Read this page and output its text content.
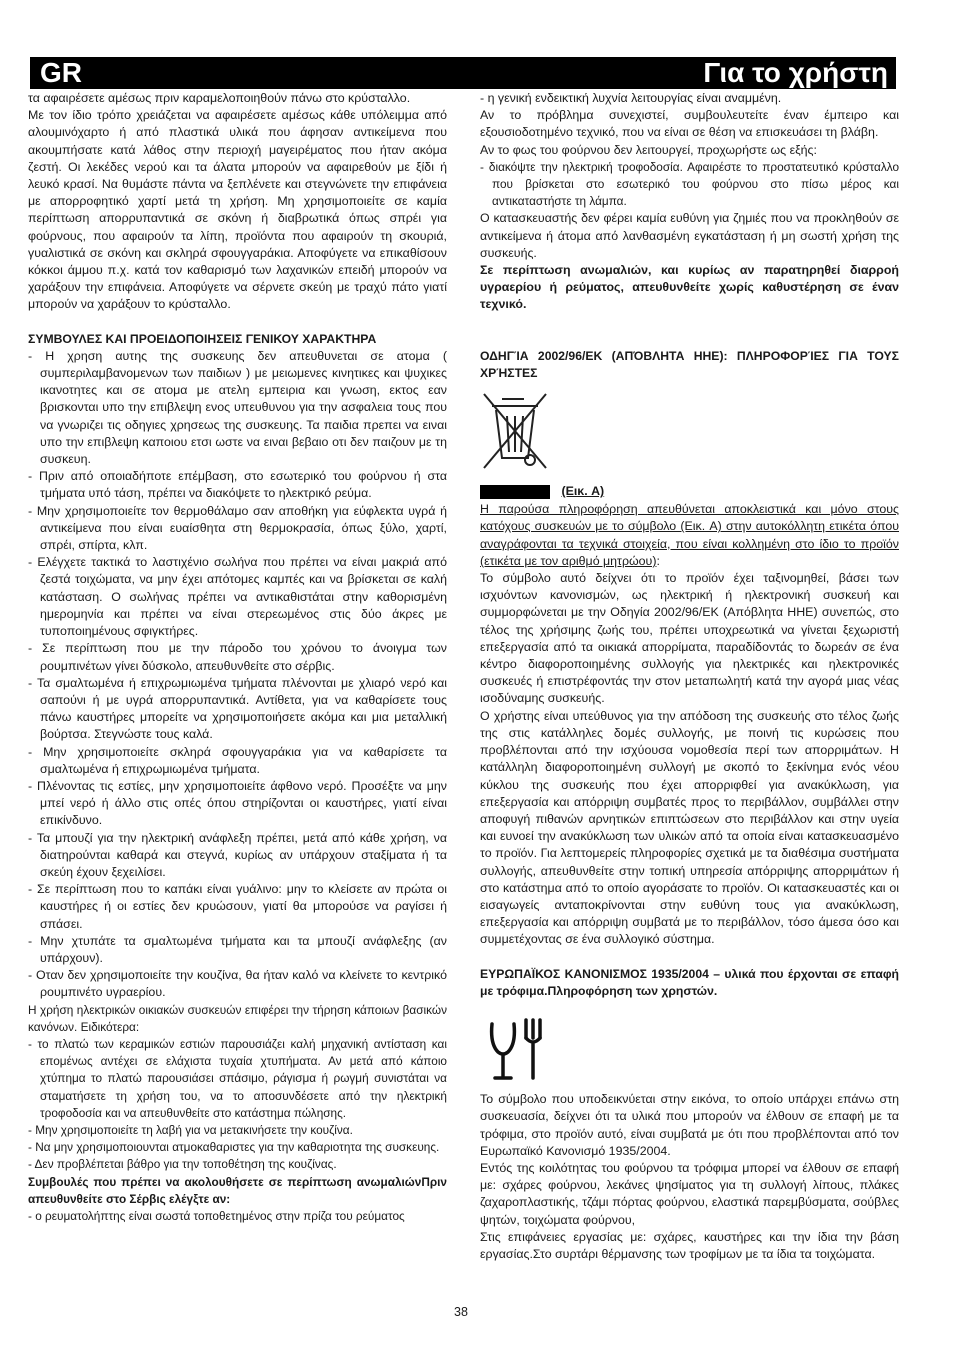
GR	Για το χρήστη

τα αφαιρέσετε αμέσως πριν καραμελοποιηθούν πάνω στο κρύσταλλο.

Με τον ίδιο τρόπο χρειάζεται να αφαιρέσετε αμέσως κάθε υπόλειμμα από αλουμινόχαρτο ή από πλαστικά υλικά που άφησαν αντικείμενα που ακουμπήσατε κατά λάθος στην περιοχή μαγειρέματος που ήταν ακόμα ζεστή. Οι λεκέδες νερού και τα άλατα μπορούν να αφαιρεθούν με ξίδι ή λευκό κρασί. Να θυμάστε πάντα να ξεπλένετε και στεγνώνετε την επιφάνεια με απορροφητικό χαρτί μετά τη χρήση. Μη χρησιμοποιείτε σε καμία περίπτωση απορρυπαντικά σε σκόνη ή διαβρωτικά όπως σπρέι για φούρνους, που αφαιρούν τα λίπη, προϊόντα που αφαιρούν τη σκουριά, γυαλιστικά σε σκόνη και σκληρά σφουγγαράκια. Αποφύγετε να επικαθίσουν κόκκοι άμμου π.χ. κατά τον καθαρισμό των λαχανικών επειδή μπορούν να χαράξουν την επιφάνεια. Αποφύγετε να σέρνετε σκεύη με τραχύ πάτο γιατί μπορούν να χαράξουν το κρύσταλλο.

ΣΥΜΒΟΥΛΕΣ ΚΑΙ ΠΡΟΕΙΔΟΠΟΙΗΣΕΙΣ ΓΕΝΙΚΟΥ ΧΑΡΑΚΤΗΡΑ

- Η χρηση αυτης της συσκευης δεν απευθυνεται σε ατομα ( συμπεριλαμβανομενων των παιδιων ) με μειωμενες κινητικες και ψυχικες ικανοτητες και σε ατομα με ατελη εμπειρια και γνωση, εκτος εαν βρισκονται υπο την επιβλεψη ενος υπευθυνου για την ασφαλεια τους που να γνωριζει τις οδηγιες χρησεως της συσκευης. Τα παιδια πρεπει να ειναι υπο την επιβλεψη καποιου ετσι ωστε να ειναι βεβαιο οτι δεν παιζουν με τη συσκευη.

- Πριν από οποιαδήποτε επέμβαση, στο εσωτερικό του φούρνου ή στα τμήματα υπό τάση, πρέπει να διακόψετε το ηλεκτρικό ρεύμα.

- Μην χρησιμοποιείτε τον θερμοθάλαμο σαν αποθήκη για εύφλεκτα υγρά ή αντικείμενα που είναι ευαίσθητα στη θερμοκρασία, όπως ξύλο, χαρτί, σπρέι, σπίρτα, κλπ.

- Ελέγχετε τακτικά το λαστιχένιο σωλήνα που πρέπει να είναι μακριά από ζεστά τοιχώματα, να μην έχει απότομες καμπές και να βρίσκεται σε καλή κατάσταση. Ο σωλήνας πρέπει να αντικαθιστάται στην καθορισμένη ημερομηνία και πρέπει να είναι στερεωμένος στις δύο άκρες με τυποποιημένους σφιγκτήρες.

- Σε περίπτωση που με την πάροδο του χρόνου το άνοιγμα των ρουμπινέτων γίνει δύσκολο, απευθυνθείτε στο σέρβις.

- Τα σμαλτωμένα ή επιχρωμιωμένα τμήματα πλένονται με χλιαρό νερό και σαπούνι ή με υγρά απορρυπαντικά. Αντίθετα, για να καθαρίσετε τους πάνω καυστήρες μπορείτε να χρησιμοποιήσετε ακόμα και μια μεταλλική βούρτσα. Στεγνώστε τους καλά.

- Μην χρησιμοποιείτε σκληρά σφουγγαράκια για να καθαρίσετε τα σμαλτωμένα ή επιχρωμιωμένα τμήματα.

- Πλένοντας τις εστίες, μην χρησιμοποιείτε άφθονο νερό. Προσέξτε να μην μπεί νερό ή άλλο στις οπές όπου στηρίζονται οι καυστήρες, γιατί είναι επικίνδυνο.

- Τα μπουζί για την ηλεκτρική ανάφλεξη πρέπει, μετά από κάθε χρήση, να διατηρούνται καθαρά και στεγνά, κυρίως αν υπάρχουν σταξίματα ή τα σκεύη έχουν ξεχειλίσει.

- Σε περίπτωση που το καπάκι είναι γυάλινο: μην το κλείσετε αν πρώτα οι καυστήρες ή οι εστίες δεν κρυώσουν, γιατί θα μπορούσε να ραγίσει ή σπάσει.

- Μην χτυπάτε τα σμαλτωμένα τμήματα και τα μπουζί ανάφλεξης (αν υπάρχουν).

- Οταν δεν χρησιμοποιείτε την κουζίνα, θα ήταν καλό να κλείνετε το κεντρικό ρουμπινέτο υγραερίου.

Η χρήση ηλεκτρικών οικιακών συσκευών επιφέρει την τήρηση κάποιων βασικών κανόνων. Ειδικότερα:

- το πλατώ των κεραμικών εστιών παρουσιάζει καλή μηχανική αντίσταση και επομένως αντέχει σε ελάχιστα τυχαία χτυπήματα. Αν μετά από κάποιο χτύπημα το πλατώ παρουσιάσει σπάσιμο, ράγισμα ή ρωγμή συνιστάται να σταματήσετε τη χρήση του, να το αποσυνδέσετε από την ηλεκτρική τροφοδοσία και να απευθυνθείτε στο κατάστημα πώλησης.

- Μην χρησιμοποιείτε τη λαβή για να μετακινήσετε την κουζίνα.

- Να μην χρησιμοποιουνται ατμοκαθαριστες για την καθαριοτητα της συσκευης.

- Δεν προβλέπεται βάθρο για την τοποθέτηση της κουζίνας.

Συμβουλές που πρέπει να ακολουθήσετε σε περίπτωση ανωμαλιώνΠριν απευθυνθείτε στο Σέρβις ελέγξτε αν:

- ο ρευματολήπτης είναι σωστά τοποθετημένος στην πρίζα του ρεύματος

- η γενική ενδεικτική λυχνία λειτουργίας είναι αναμμένη.

Αν το πρόβλημα συνεχιστεί, συμβουλευτείτε έναν έμπειρο και εξουσιοδοτημένο τεχνικό, που να είναι σε θέση να επισκευάσει τη βλάβη.

Αν το φως του φούρνου δεν λειτουργεί, προχωρήστε ως εξής:

- διακόψτε την ηλεκτρική τροφοδοσία. Αφαιρέστε το προστατευτικό κρύσταλλο που βρίσκεται στο εσωτερικό του φούρνου στο πίσω μέρος και αντικαταστήστε τη λάμπα.

Ο κατασκευαστής δεν φέρει καμία ευθύνη για ζημιές που να προκληθούν σε αντικείμενα ή άτομα από λανθασμένη εγκατάσταση ή μη σωστή χρήση της συσκευής.

Σε περίπτωση ανωμαλιών, και κυρίως αν παρατηρηθεί διαρροή υγραερίου ή ρεύματος, απευθυνθείτε χωρίς καθυστέρηση σε έναν τεχνικό.

ΟΔΗΓΊΑ 2002/96/ΕΚ (ΑΠΌΒΛΗΤΑ ΗΗΕ): ΠΛΗΡΟΦΟΡΊΕΣ ΓΙΑ ΤΟΥΣ ΧΡΉΣΤΕΣ

(Εικ. A)

Η παρούσα πληροφόρηση απευθύνεται αποκλειστικά και μόνο στους κατόχους συσκευών με το σύμβολο (Εικ. A) στην αυτοκόλλητη ετικέτα όπου αναγράφονται τα τεχνικά στοιχεία, που είναι κολλημένη στο ίδιο το προϊόν (ετικέτα με τον αριθμό μητρώου):

Το σύμβολο αυτό δείχνει ότι το προϊόν έχει ταξινομηθεί, βάσει των ισχυόντων κανονισμών, ως ηλεκτρική ή ηλεκτρονική συσκευή και συμμορφώνεται με την Οδηγία 2002/96/ΕΚ (Απόβλητα ΗΗΕ) συνεπώς, στο τέλος της χρήσιμης ζωής του, πρέπει υποχρεωτικά να γίνεται ξεχωριστή επεξεργασία από τα οικιακά απορρίματα, παραδίδοντάς το δωρεάν σε ένα κέντρο διαφοροποιημένης συλλογής για ηλεκτρικές και ηλεκτρονικές συσκευές ή επιστρέφοντάς την στον μεταπωλητή κατά την αγορά μιας νέας ισοδύναμης συσκευής.

Ο χρήστης είναι υπεύθυνος για την απόδοση της συσκευής στο τέλος ζωής της στις κατάλληλες δομές συλλογής, με ποινή τις κυρώσεις που προβλέπονται από την ισχύουσα νομοθεσία περί των απορριμάτων. Η κατάλληλη διαφοροποιημένη συλλογή με σκοπό το ξεκίνημα ενός νέου κύκλου της συσκευής που έχει απορριφθεί για ανακύκλωση, για επεξεργασία και απόρριψη συμβατές προς το περιβάλλον, συμβάλλει στην αποφυγή πιθανών αρνητικών επιπτώσεων στο περιβάλλον και στην υγεία και ευνοεί την ανακύκλωση των υλικών από τα οποία είναι κατασκευασμένο το προϊόν. Για λεπτομερείς πληροφορίες σχετικά με τα διαθέσιμα συστήματα συλλογής, απευθυνθείτε στην τοπική υπηρεσία απόρριψης απορριμάτων ή στο κατάστημα από το οποίο αγοράσατε το προϊόν. Οι κατασκευαστές και οι εισαγωγείς ανταποκρίνονται στην ευθύνη τους για ανακύκλωση, επεξεργασία και απόρριψη συμβατά με το περιβάλλον, τόσο άμεσα όσο και συμμετέχοντας σε ένα συλλογικό σύστημα.

ΕΥΡΩΠΑΪΚΟΣ ΚΑΝΟΝΙΣΜΟΣ 1935/2004 – υλικά που έρχονται σε επαφή με τρόφιμα.Πληροφόρηση των χρηστών.

Το σύμβολο που υποδεικνύεται στην εικόνα, το οποίο υπάρχει επάνω στη συσκευασία, δείχνει ότι τα υλικά που μπορούν να έλθουν σε επαφή με τα τρόφιμα, στο προϊόν αυτό, είναι συμβατά με ότι που προβλέπονται από τον Ευρωπαϊκό Κανονισμό 1935/2004.

Εντός της κοιλότητας του φούρνου τα τρόφιμα μπορεί να έλθουν σε επαφή με: σχάρες φούρνου, λεκάνες ψησίματος για τη συλλογή λίπους, πλάκες ζαχαροπλαστικής, τζάμι πόρτας φούρνου, ελαστικά παρεμβύσματα, σούβλες ψητών, τοιχώματα φούρνου,

Στις επιφάνειες εργασίας με: σχάρες, καυστήρες και την ίδια την βάση εργασίας.Στο συρτάρι θέρμανσης των τροφίμων με τα ίδια τα τοιχώματα.

38
